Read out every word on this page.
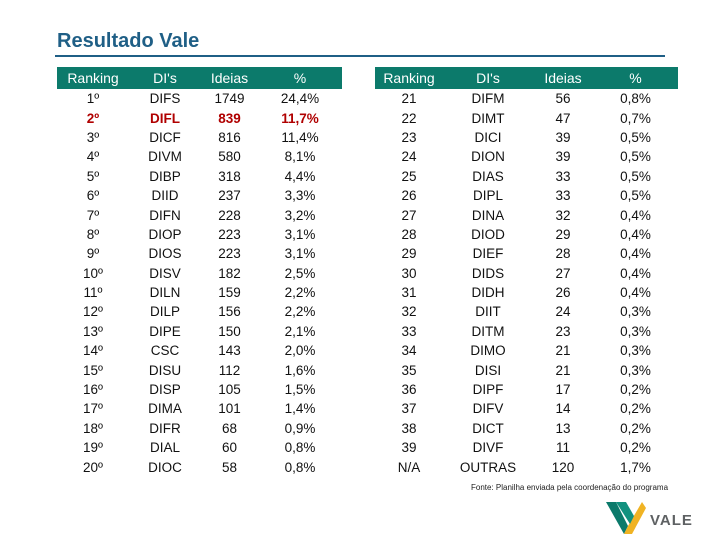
Resultado Vale
Ranking	DI's	Ideias	%
1º	DIFS	1749	24,4%
2º	DIFL	839	11,7%
3º	DICF	816	11,4%
4º	DIVM	580	8,1%
5º	DIBP	318	4,4%
6º	DIID	237	3,3%
7º	DIFN	228	3,2%
8º	DIOP	223	3,1%
9º	DIOS	223	3,1%
10º	DISV	182	2,5%
11º	DILN	159	2,2%
12º	DILP	156	2,2%
13º	DIPE	150	2,1%
14º	CSC	143	2,0%
15º	DISU	112	1,6%
16º	DISP	105	1,5%
17º	DIMA	101	1,4%
18º	DIFR	68	0,9%
19º	DIAL	60	0,8%
20º	DIOC	58	0,8%
Ranking	DI's	Ideias	%
21	DIFM	56	0,8%
22	DIMT	47	0,7%
23	DICI	39	0,5%
24	DION	39	0,5%
25	DIAS	33	0,5%
26	DIPL	33	0,5%
27	DINA	32	0,4%
28	DIOD	29	0,4%
29	DIEF	28	0,4%
30	DIDS	27	0,4%
31	DIDH	26	0,4%
32	DIIT	24	0,3%
33	DITM	23	0,3%
34	DIMO	21	0,3%
35	DISI	21	0,3%
36	DIPF	17	0,2%
37	DIFV	14	0,2%
38	DICT	13	0,2%
39	DIVF	11	0,2%
N/A	OUTRAS	120	1,7%
Fonte: Planilha enviada pela coordenação do programa
VALE
